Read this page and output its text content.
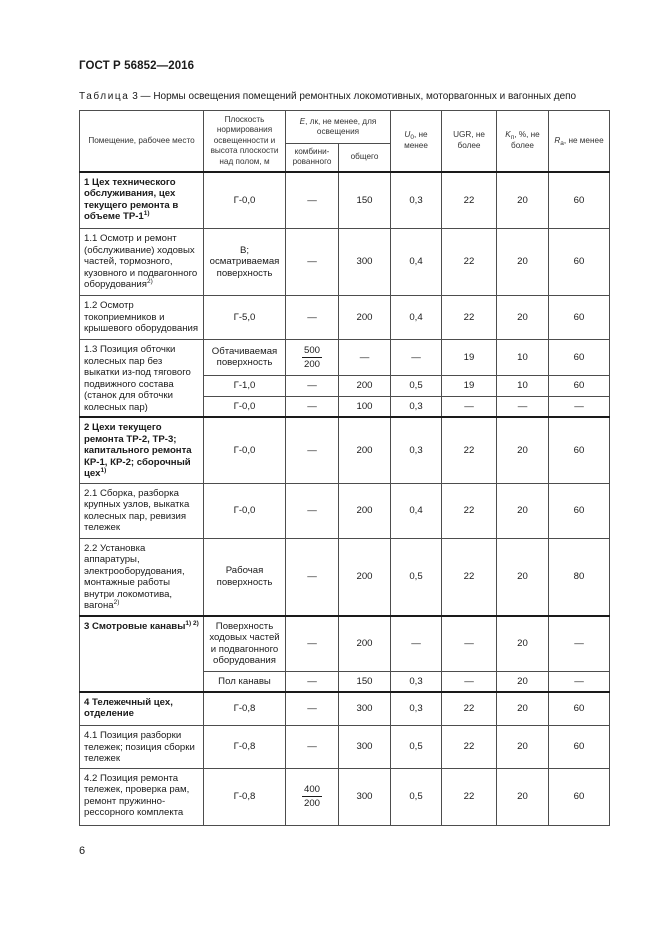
ГОСТ Р 56852—2016
Таблица 3 — Нормы освещения помещений ремонтных локомотивных, моторвагонных и вагонных депо
Помещение, рабочее место	Плоскость нормирования освещенности и высота плоскости над полом, м	E, лк, не менее, для освещения		$U_0$, не менее	UGR, не более	$K_п$, %, не более	$R_a$, не менее
		комбини-рованного	общего				
1 Цех технического обслуживания, цех текущего ремонта в объеме ТР-1$^{1)}$	Г-0,0	—	150	0,3	22	20	60
1.1 Осмотр и ремонт (обслуживание) ходовых частей, тормозного, кузовного и подвагонного оборудования$^{2)}$	В; осматриваемая поверхность	—	300	0,4	22	20	60
1.2 Осмотр токоприемников и крышевого оборудования	Г-5,0	—	200	0,4	22	20	60
1.3 Позиция обточки колесных пар без выкатки из-под тягового подвижного состава (станок для обточки колесных пар)	Обтачиваемая поверхность	$\frac{500}{200}$	—	—	19	10	60
	Г-1,0	—	200	0,5	19	10	60
	Г-0,0	—	100	0,3	—	—	—
2 Цехи текущего ремонта ТР-2, ТР-3; капитального ремонта КР-1, КР-2; сборочный цех$^{1)}$	Г-0,0	—	200	0,3	22	20	60
2.1 Сборка, разборка крупных узлов, выкатка колесных пар, ревизия тележек	Г-0,0	—	200	0,4	22	20	60
2.2 Установка аппаратуры, электрооборудования, монтажные работы внутри локомотива, вагона$^{2)}$	Рабочая поверхность	—	200	0,5	22	20	80
3 Смотровые канавы$^{1) 2)}$	Поверхность ходовых частей и подвагонного оборудования	—	200	—	—	20	—
	Пол канавы	—	150	0,3	—	20	—
4 Тележечный цех, отделение	Г-0,8	—	300	0,3	22	20	60
4.1 Позиция разборки тележек; позиция сборки тележек	Г-0,8	—	300	0,5	22	20	60
4.2 Позиция ремонта тележек, проверка рам, ремонт пружинно-рессорного комплекта	Г-0,8	$\frac{400}{200}$	300	0,5	22	20	60
6
